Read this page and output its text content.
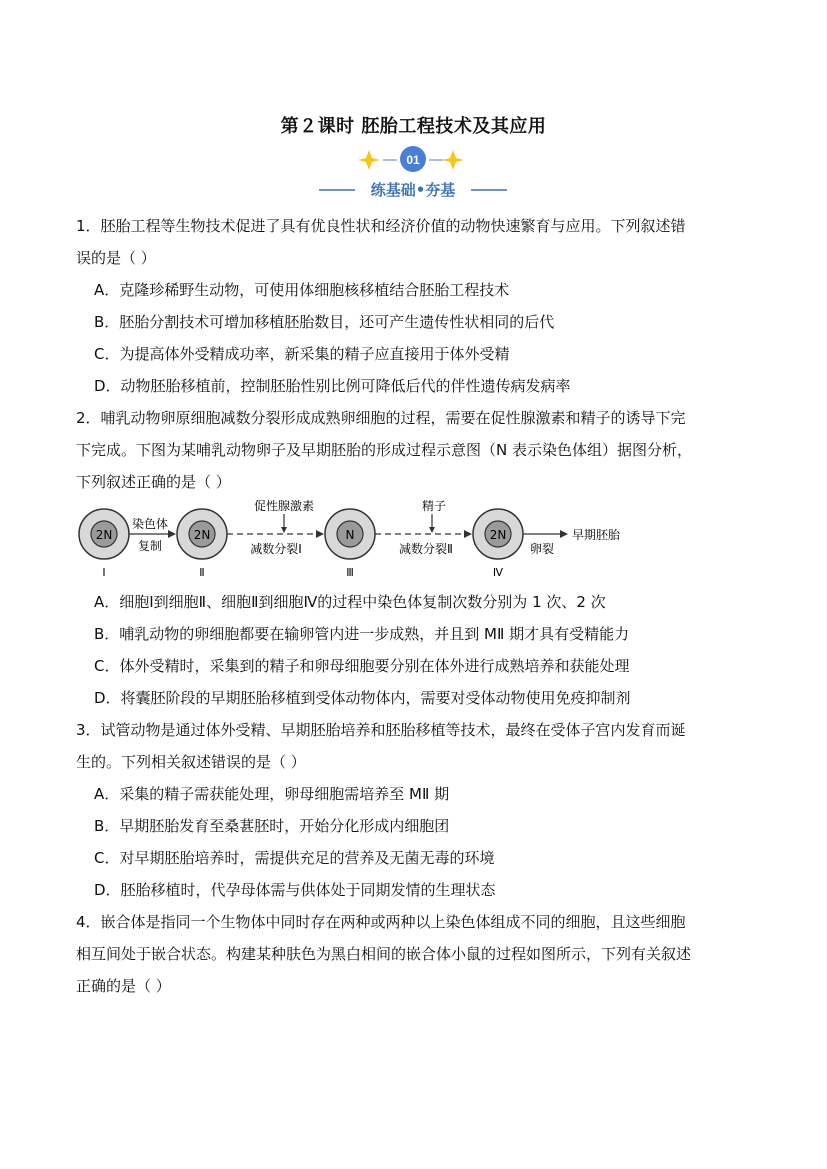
第２课时 胚胎工程技术及其应用
01
练基础•夯基

1．胚胎工程等生物技术促进了具有优良性状和经济价值的动物快速繁育与应用。下列叙述错

误的是（ ）

A．克隆珍稀野生动物，可使用体细胞核移植结合胚胎工程技术

B．胚胎分割技术可增加移植胚胎数目，还可产生遗传性状相同的后代

C．为提高体外受精成功率，新采集的精子应直接用于体外受精

D．动物胚胎移植前，控制胚胎性别比例可降低后代的伴性遗传病发病率

2．哺乳动物卵原细胞减数分裂形成成熟卵细胞的过程，需要在促性腺激素和精子的诱导下完

下完成。下图为某哺乳动物卵子及早期胚胎的形成过程示意图（N 表示染色体组）据图分析，

下列叙述正确的是（ ）

2N
Ⅰ
染色体
复制
2N
Ⅱ
促性腺激素
减数分裂Ⅰ
N
Ⅲ
精子
减数分裂Ⅱ
2N
Ⅳ
卵裂
早期胚胎

A．细胞Ⅰ到细胞Ⅱ、细胞Ⅱ到细胞Ⅳ的过程中染色体复制次数分别为 1 次、2 次

B．哺乳动物的卵细胞都要在输卵管内进一步成熟，并且到 MⅡ 期才具有受精能力

C．体外受精时，采集到的精子和卵母细胞要分别在体外进行成熟培养和获能处理

D．将囊胚阶段的早期胚胎移植到受体动物体内，需要对受体动物使用免疫抑制剂

3．试管动物是通过体外受精、早期胚胎培养和胚胎移植等技术，最终在受体子宫内发育而诞

生的。下列相关叙述错误的是（ ）

A．采集的精子需获能处理，卵母细胞需培养至 MⅡ 期

B．早期胚胎发育至桑葚胚时，开始分化形成内细胞团

C．对早期胚胎培养时，需提供充足的营养及无菌无毒的环境

D．胚胎移植时，代孕母体需与供体处于同期发情的生理状态

4．嵌合体是指同一个生物体中同时存在两种或两种以上染色体组成不同的细胞，且这些细胞

相互间处于嵌合状态。构建某种肤色为黑白相间的嵌合体小鼠的过程如图所示，下列有关叙述

正确的是（ ）
